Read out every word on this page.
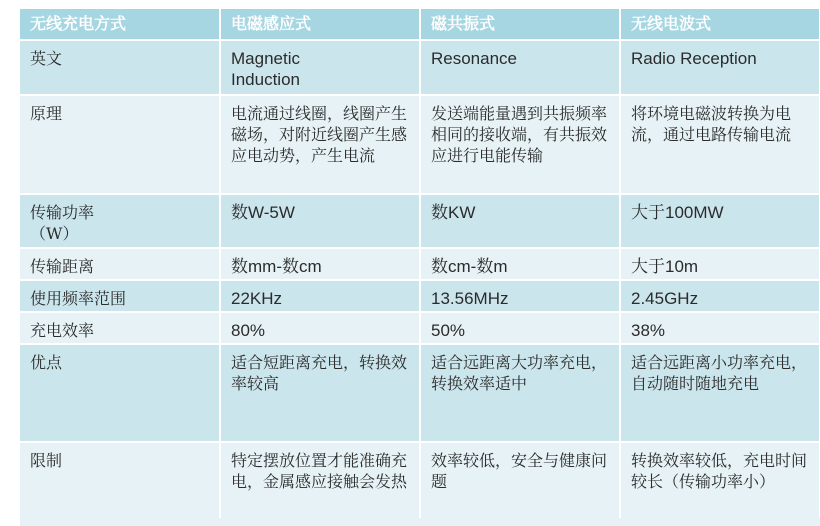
无线充电方式	电磁感应式	磁共振式	无线电波式
英文	Magnetic Induction	Resonance	Radio Reception
原理	电流通过线圈，线圈产生磁场，对附近线圈产生感应电动势，产生电流	发送端能量遇到共振频率相同的接收端，有共振效应进行电能传输	将环境电磁波转换为电流，通过电路传输电流

传输功率（W）	数W-5W	数KW	大于100MW
传输距离	数mm-数cm	数cm-数m	大于10m
使用频率范围	22KHz	13.56MHz	2.45GHz
充电效率	80%	50%	38%
优点	适合短距离充电，转换效率较高	适合远距离大功率充电，转换效率适中	适合远距离小功率充电，自动随时随地充电
限制	特定摆放位置才能准确充电，金属感应接触会发热	效率较低，安全与健康问题	转换效率较低，充电时间较长（传输功率小）
